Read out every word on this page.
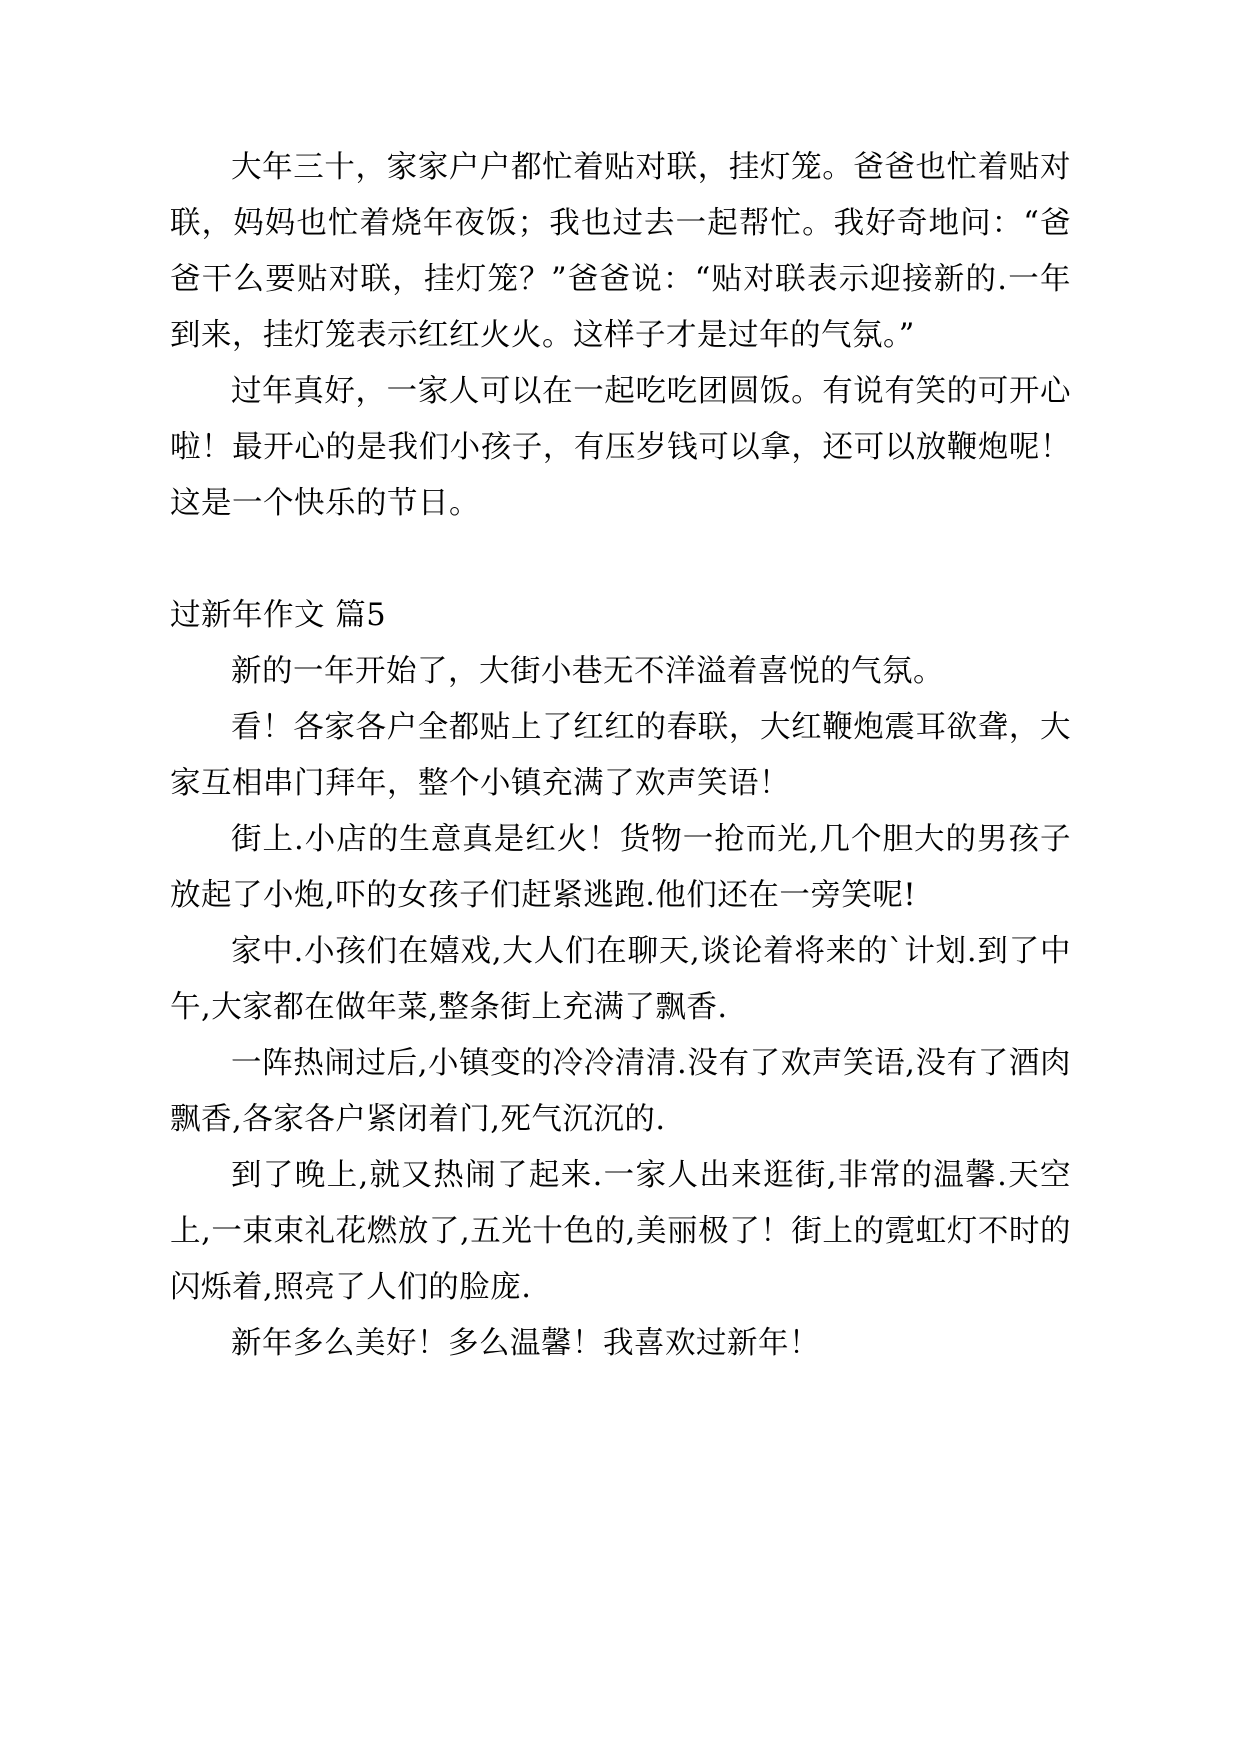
大年三十，家家户户都忙着贴对联，挂灯笼。爸爸也忙着贴对联，妈妈也忙着烧年夜饭；我也过去一起帮忙。我好奇地问：“爸爸干么要贴对联，挂灯笼？”爸爸说：“贴对联表示迎接新的.一年到来，挂灯笼表示红红火火。这样子才是过年的气氛。”

过年真好，一家人可以在一起吃吃团圆饭。有说有笑的可开心啦！最开心的是我们小孩子，有压岁钱可以拿，还可以放鞭炮呢！这是一个快乐的节日。

过新年作文 篇5

新的一年开始了，大街小巷无不洋溢着喜悦的气氛。

看！各家各户全都贴上了红红的春联，大红鞭炮震耳欲聋，大家互相串门拜年，整个小镇充满了欢声笑语！

街上.小店的生意真是红火！货物一抢而光,几个胆大的男孩子放起了小炮,吓的女孩子们赶紧逃跑.他们还在一旁笑呢!

家中.小孩们在嬉戏,大人们在聊天,谈论着将来的`计划.到了中午,大家都在做年菜,整条街上充满了飘香.

一阵热闹过后,小镇变的冷冷清清.没有了欢声笑语,没有了酒肉飘香,各家各户紧闭着门,死气沉沉的.

到了晚上,就又热闹了起来.一家人出来逛街,非常的温馨.天空上,一束束礼花燃放了,五光十色的,美丽极了！街上的霓虹灯不时的闪烁着,照亮了人们的脸庞.

新年多么美好！多么温馨！我喜欢过新年！
